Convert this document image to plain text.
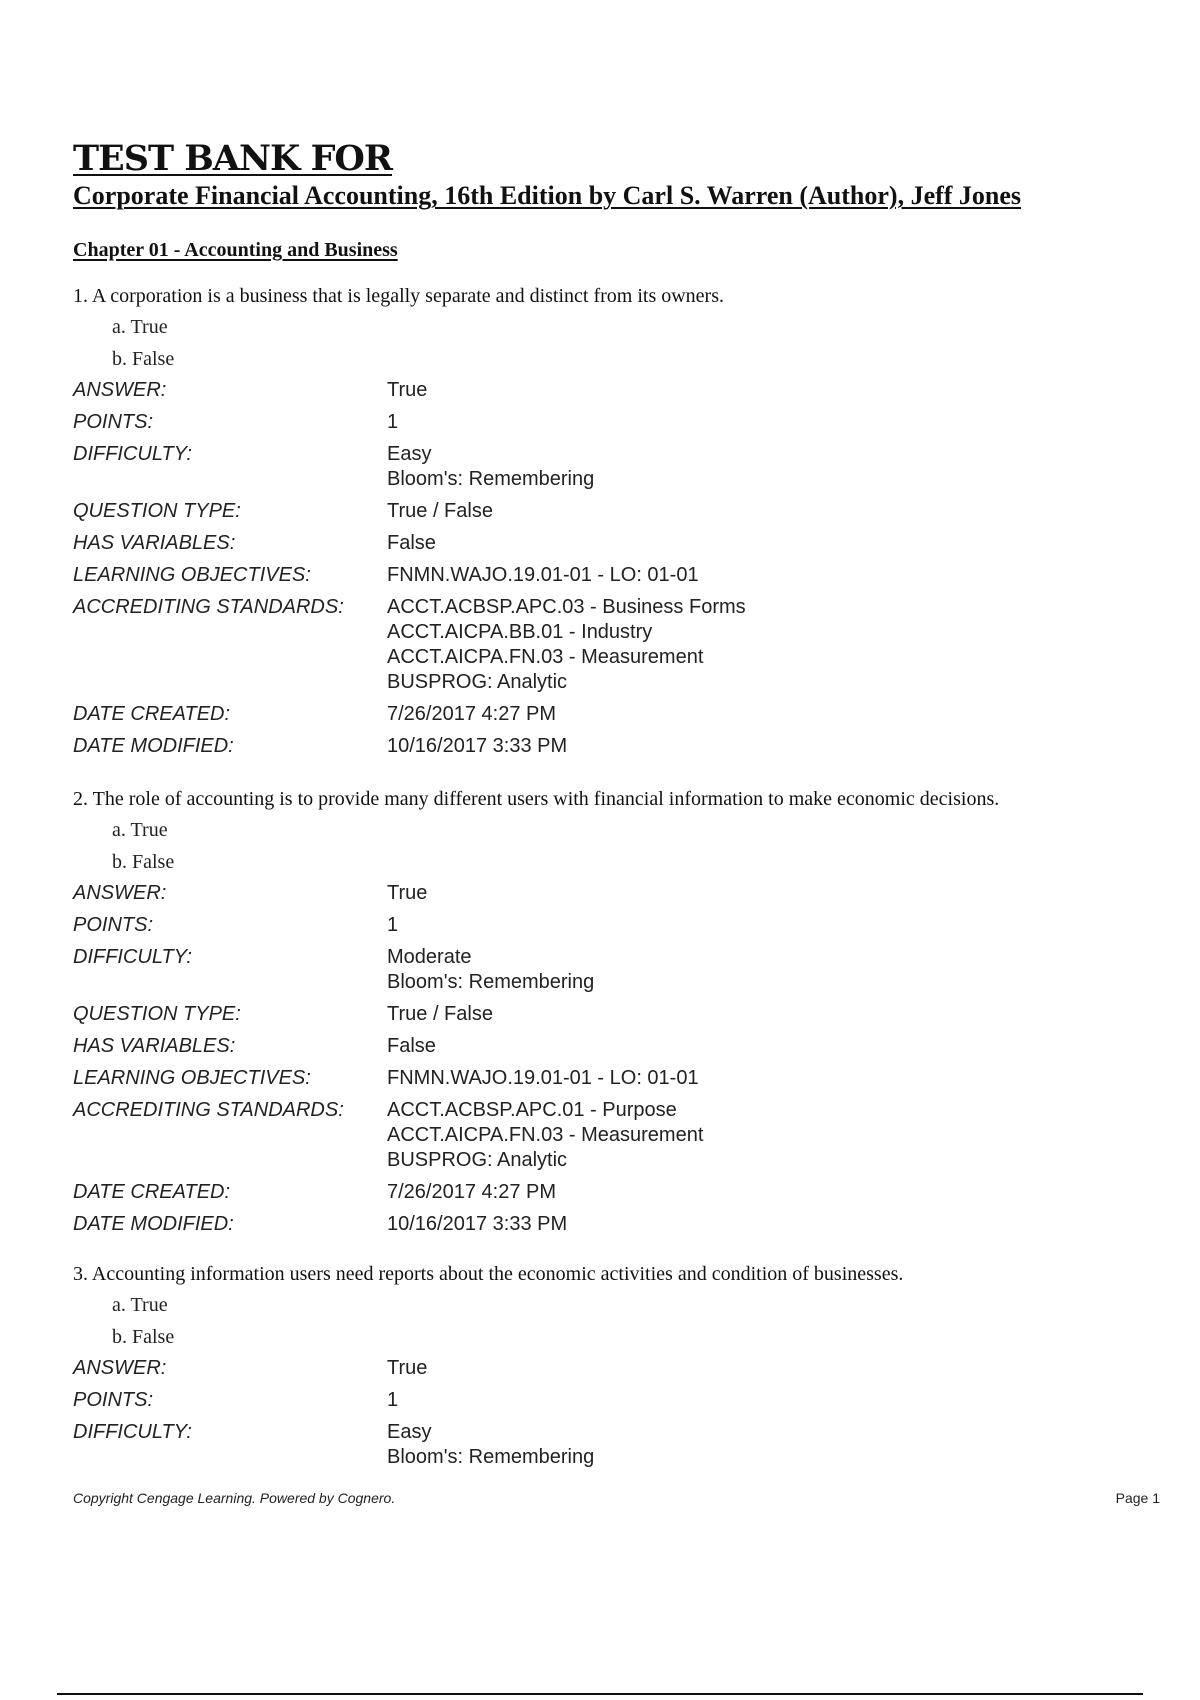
TEST BANK FOR
Corporate Financial Accounting, 16th Edition by Carl S. Warren (Author), Jeff Jones
Chapter 01 - Accounting and Business
1. A corporation is a business that is legally separate and distinct from its owners.
a. True
b. False
ANSWER:	True
POINTS:	1
DIFFICULTY:	Easy
Bloom's: Remembering
QUESTION TYPE:	True / False
HAS VARIABLES:	False
LEARNING OBJECTIVES:	FNMN.WAJO.19.01-01 - LO: 01-01
ACCREDITING STANDARDS:	ACCT.ACBSP.APC.03 - Business Forms
ACCT.AICPA.BB.01 - Industry
ACCT.AICPA.FN.03 - Measurement
BUSPROG: Analytic
DATE CREATED:	7/26/2017 4:27 PM
DATE MODIFIED:	10/16/2017 3:33 PM
2. The role of accounting is to provide many different users with financial information to make economic decisions.
a. True
b. False
ANSWER:	True
POINTS:	1
DIFFICULTY:	Moderate
Bloom's: Remembering
QUESTION TYPE:	True / False
HAS VARIABLES:	False
LEARNING OBJECTIVES:	FNMN.WAJO.19.01-01 - LO: 01-01
ACCREDITING STANDARDS:	ACCT.ACBSP.APC.01 - Purpose
ACCT.AICPA.FN.03 - Measurement
BUSPROG: Analytic
DATE CREATED:	7/26/2017 4:27 PM
DATE MODIFIED:	10/16/2017 3:33 PM
3. Accounting information users need reports about the economic activities and condition of businesses.
a. True
b. False
ANSWER:	True
POINTS:	1
DIFFICULTY:	Easy
Bloom's: Remembering
Copyright Cengage Learning. Powered by Cognero.	Page 1
